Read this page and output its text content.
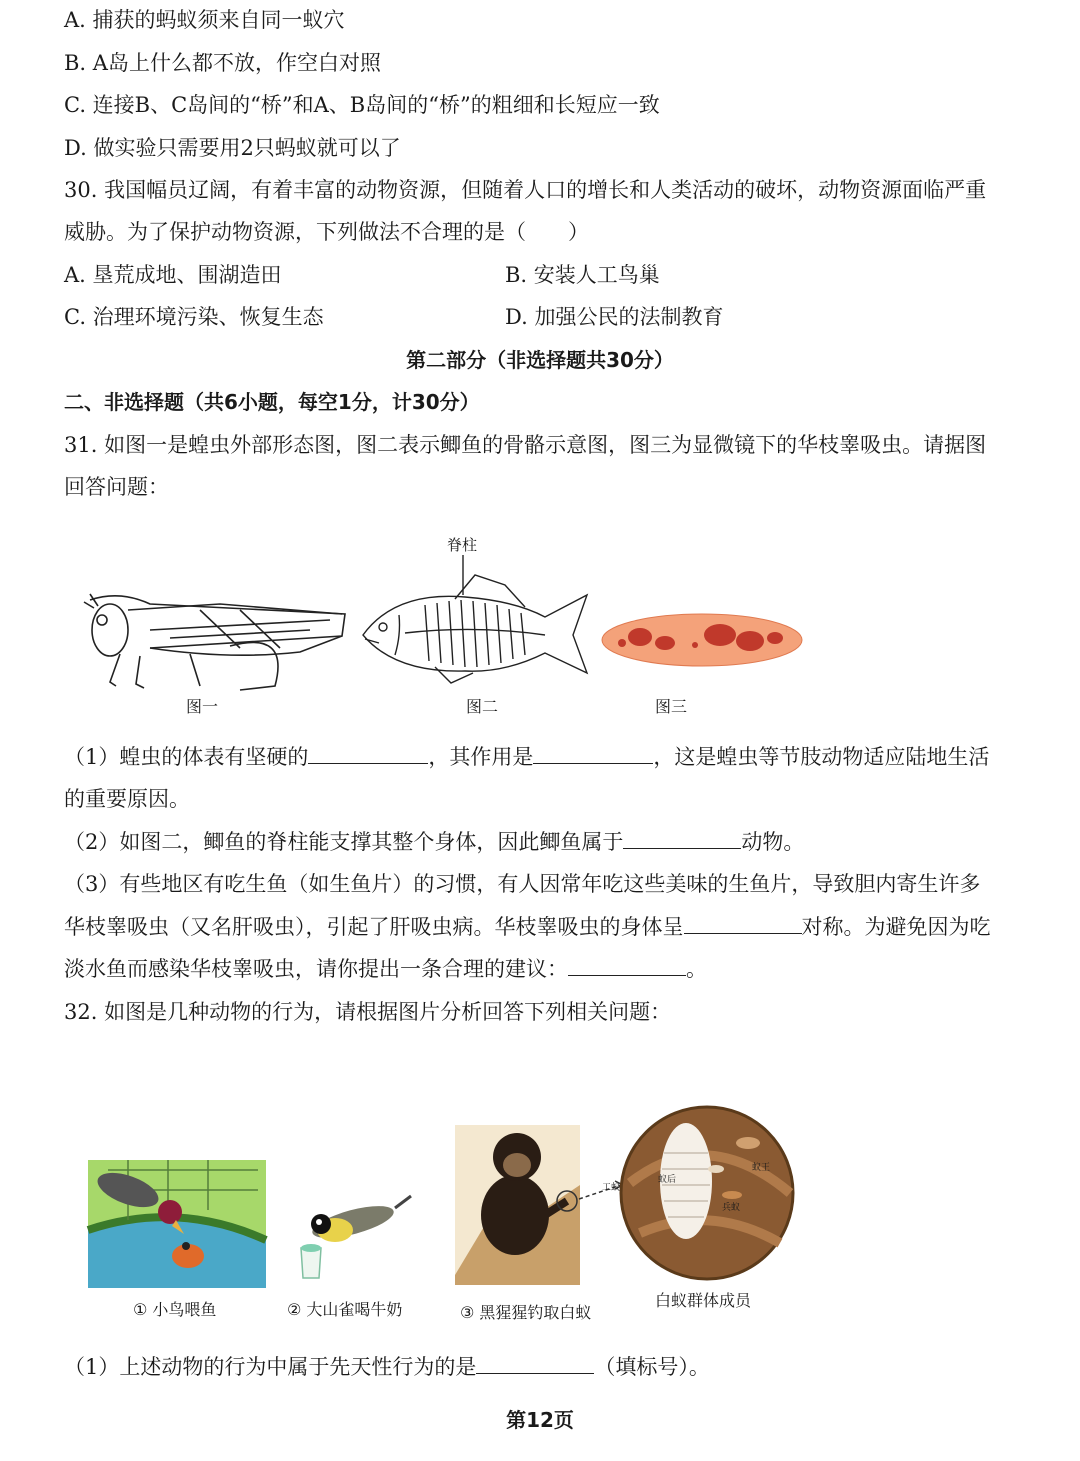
A. 捕获的蚂蚁须来自同一蚁穴
B. A岛上什么都不放，作空白对照
C. 连接B、C岛间的“桥”和A、B岛间的“桥”的粗细和长短应一致
D. 做实验只需要用2只蚂蚁就可以了
30. 我国幅员辽阔，有着丰富的动物资源，但随着人口的增长和人类活动的破坏，动物资源面临严重
威胁。为了保护动物资源，下列做法不合理的是（　　）
A. 垦荒成地、围湖造田	B. 安装人工鸟巢
C. 治理环境污染、恢复生态	D. 加强公民的法制教育
第二部分（非选择题共30分）
二、非选择题（共6小题，每空1分，计30分）
31. 如图一是蝗虫外部形态图，图二表示鲫鱼的骨骼示意图，图三为显微镜下的华枝睾吸虫。请据图
回答问题：
图一
脊柱
图二	图三
（1）蝗虫的体表有坚硬的	，其作用是	，这是蝗虫等节肢动物适应陆地生活
的重要原因。
（2）如图二，鲫鱼的脊柱能支撑其整个身体，因此鲫鱼属于	动物。
（3）有些地区有吃生鱼（如生鱼片）的习惯，有人因常年吃这些美味的生鱼片，导致胆内寄生许多
华枝睾吸虫（又名肝吸虫），引起了肝吸虫病。华枝睾吸虫的身体呈	对称。为避免因为吃
淡水鱼而感染华枝睾吸虫，请你提出一条合理的建议：	。
32. 如图是几种动物的行为，请根据图片分析回答下列相关问题：
① 小鸟喂鱼	② 大山雀喝牛奶
工蚁
③ 黑猩猩钓取白蚁
蚁王
蚁后
兵蚁
白蚁群体成员
（1）上述动物的行为中属于先天性行为的是	（填标号）。
第12页
